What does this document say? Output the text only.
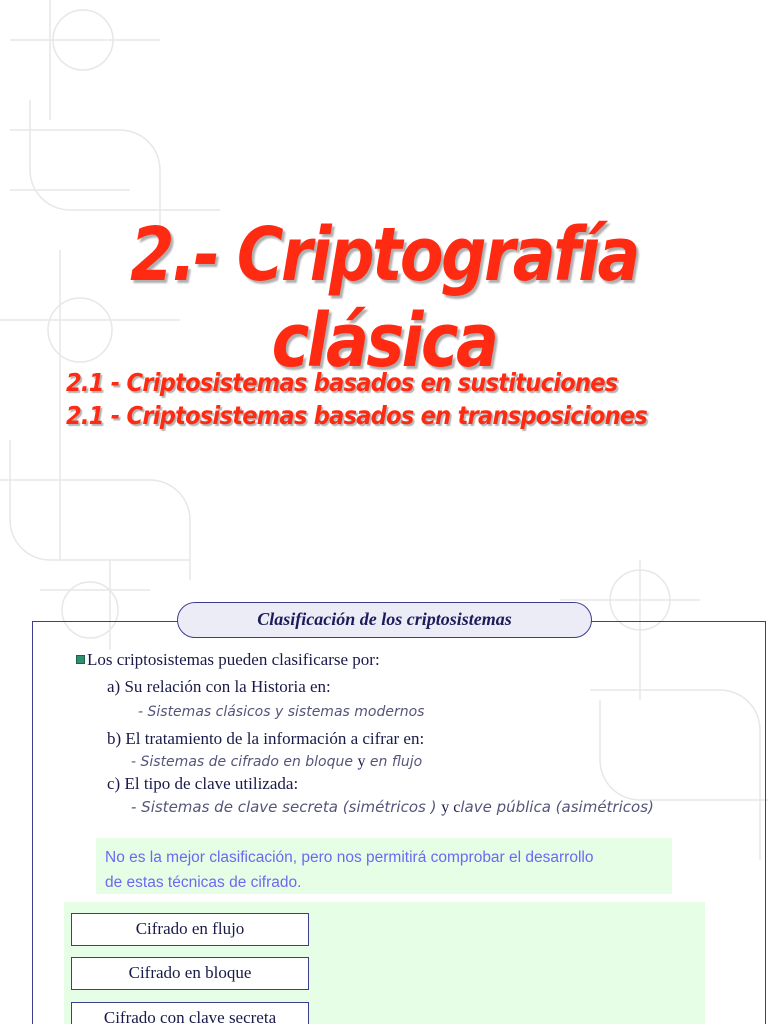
2.- Criptografía clásica
2.1 - Criptosistemas basados en sustituciones
2.1 - Criptosistemas basados en transposiciones
Clasificación de los criptosistemas
Los criptosistemas pueden clasificarse por:
a) Su relación con la Historia en:
- Sistemas clásicos y sistemas modernos
b) El tratamiento de la información a cifrar en:
- Sistemas de cifrado en bloque y en flujo
c) El tipo de clave utilizada:
- Sistemas de clave secreta (simétricos ) y clave pública (asimétricos)
No es la mejor clasificación, pero nos permitirá comprobar el desarrollo
de estas técnicas de cifrado.
Cifrado en flujo
Cifrado en bloque
Cifrado con clave secreta
